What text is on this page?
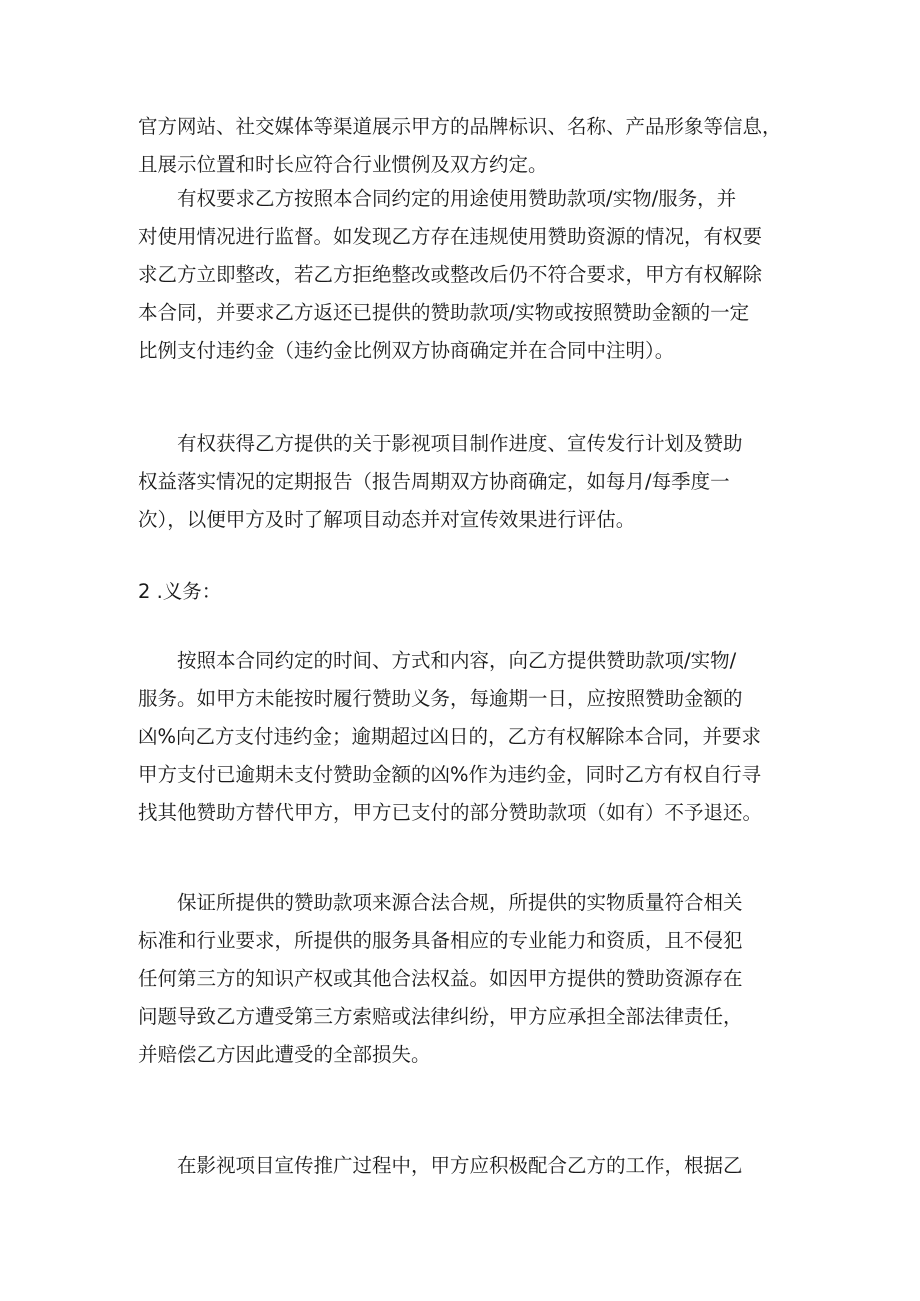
官方网站、社交媒体等渠道展示甲方的品牌标识、名称、产品形象等信息，
且展示位置和时长应符合行业惯例及双方约定。

　　有权要求乙方按照本合同约定的用途使用赞助款项/实物/服务，并
对使用情况进行监督。如发现乙方存在违规使用赞助资源的情况，有权要
求乙方立即整改，若乙方拒绝整改或整改后仍不符合要求，甲方有权解除
本合同，并要求乙方返还已提供的赞助款项/实物或按照赞助金额的一定
比例支付违约金（违约金比例双方协商确定并在合同中注明）。

　　有权获得乙方提供的关于影视项目制作进度、宣传发行计划及赞助
权益落实情况的定期报告（报告周期双方协商确定，如每月/每季度一
次），以便甲方及时了解项目动态并对宣传效果进行评估。

2 .义务：

　　按照本合同约定的时间、方式和内容，向乙方提供赞助款项/实物/
服务。如甲方未能按时履行赞助义务，每逾期一日，应按照赞助金额的
凶%向乙方支付违约金；逾期超过凶日的，乙方有权解除本合同，并要求
甲方支付已逾期未支付赞助金额的凶%作为违约金，同时乙方有权自行寻
找其他赞助方替代甲方，甲方已支付的部分赞助款项（如有）不予退还。

　　保证所提供的赞助款项来源合法合规，所提供的实物质量符合相关
标准和行业要求，所提供的服务具备相应的专业能力和资质，且不侵犯
任何第三方的知识产权或其他合法权益。如因甲方提供的赞助资源存在
问题导致乙方遭受第三方索赔或法律纠纷，甲方应承担全部法律责任，
并赔偿乙方因此遭受的全部损失。

　　在影视项目宣传推广过程中，甲方应积极配合乙方的工作，根据乙
